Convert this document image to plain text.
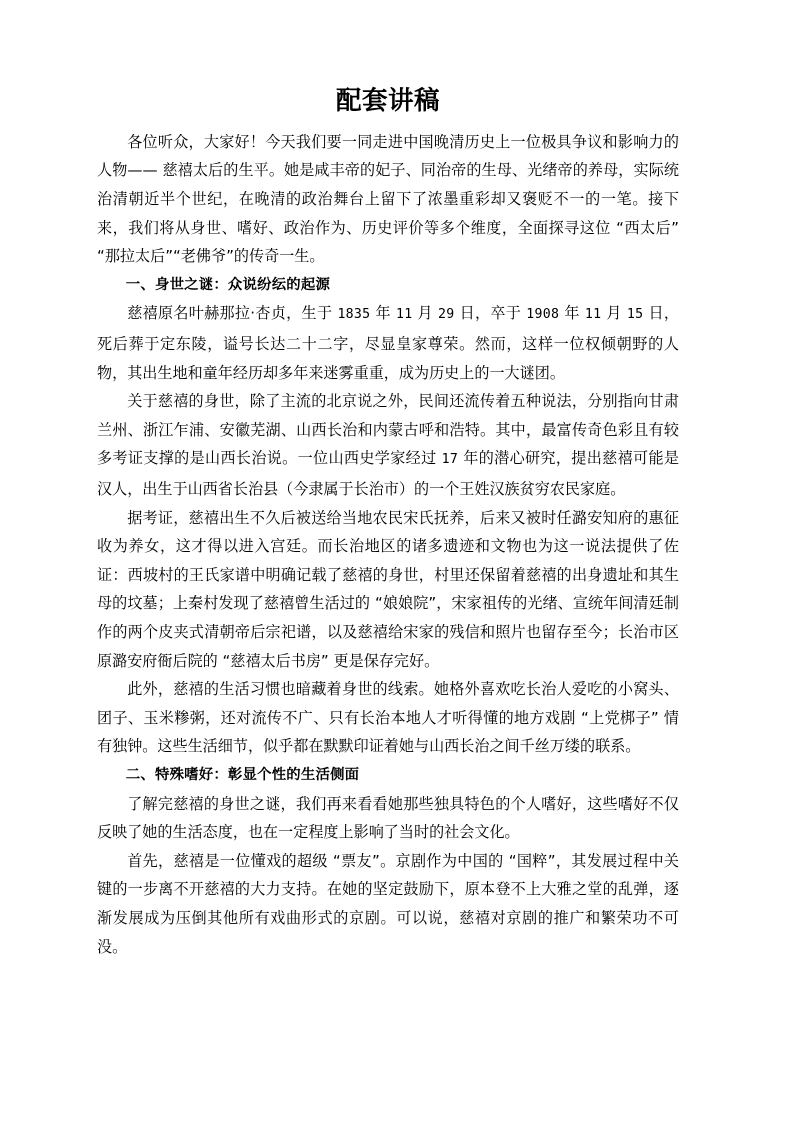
配套讲稿

各位听众，大家好！今天我们要一同走进中国晚清历史上一位极具争议和影响力的人物—— 慈禧太后的生平。她是咸丰帝的妃子、同治帝的生母、光绪帝的养母，实际统治清朝近半个世纪，在晚清的政治舞台上留下了浓墨重彩却又褒贬不一的一笔。接下来，我们将从身世、嗜好、政治作为、历史评价等多个维度，全面探寻这位 “西太后”“那拉太后”“老佛爷”的传奇一生。

一、身世之谜：众说纷纭的起源

慈禧原名叶赫那拉·杏贞，生于 1835 年 11 月 29 日，卒于 1908 年 11 月 15 日，死后葬于定东陵，谥号长达二十二字，尽显皇家尊荣。然而，这样一位权倾朝野的人物，其出生地和童年经历却多年来迷雾重重，成为历史上的一大谜团。

关于慈禧的身世，除了主流的北京说之外，民间还流传着五种说法，分别指向甘肃兰州、浙江乍浦、安徽芜湖、山西长治和内蒙古呼和浩特。其中，最富传奇色彩且有较多考证支撑的是山西长治说。一位山西史学家经过 17 年的潜心研究，提出慈禧可能是汉人，出生于山西省长治县（今隶属于长治市）的一个王姓汉族贫穷农民家庭。

据考证，慈禧出生不久后被送给当地农民宋氏抚养，后来又被时任潞安知府的惠征收为养女，这才得以进入宫廷。而长治地区的诸多遗迹和文物也为这一说法提供了佐证：西坡村的王氏家谱中明确记载了慈禧的身世，村里还保留着慈禧的出身遗址和其生母的坟墓；上秦村发现了慈禧曾生活过的 “娘娘院”，宋家祖传的光绪、宣统年间清廷制作的两个皮夹式清朝帝后宗祀谱，以及慈禧给宋家的残信和照片也留存至今；长治市区原潞安府衙后院的 “慈禧太后书房” 更是保存完好。

此外，慈禧的生活习惯也暗藏着身世的线索。她格外喜欢吃长治人爱吃的小窝头、团子、玉米糁粥，还对流传不广、只有长治本地人才听得懂的地方戏剧 “上党梆子” 情有独钟。这些生活细节，似乎都在默默印证着她与山西长治之间千丝万缕的联系。

二、特殊嗜好：彰显个性的生活侧面

了解完慈禧的身世之谜，我们再来看看她那些独具特色的个人嗜好，这些嗜好不仅反映了她的生活态度，也在一定程度上影响了当时的社会文化。

首先，慈禧是一位懂戏的超级 “票友”。京剧作为中国的 “国粹”，其发展过程中关键的一步离不开慈禧的大力支持。在她的坚定鼓励下，原本登不上大雅之堂的乱弹，逐渐发展成为压倒其他所有戏曲形式的京剧。可以说，慈禧对京剧的推广和繁荣功不可没。
